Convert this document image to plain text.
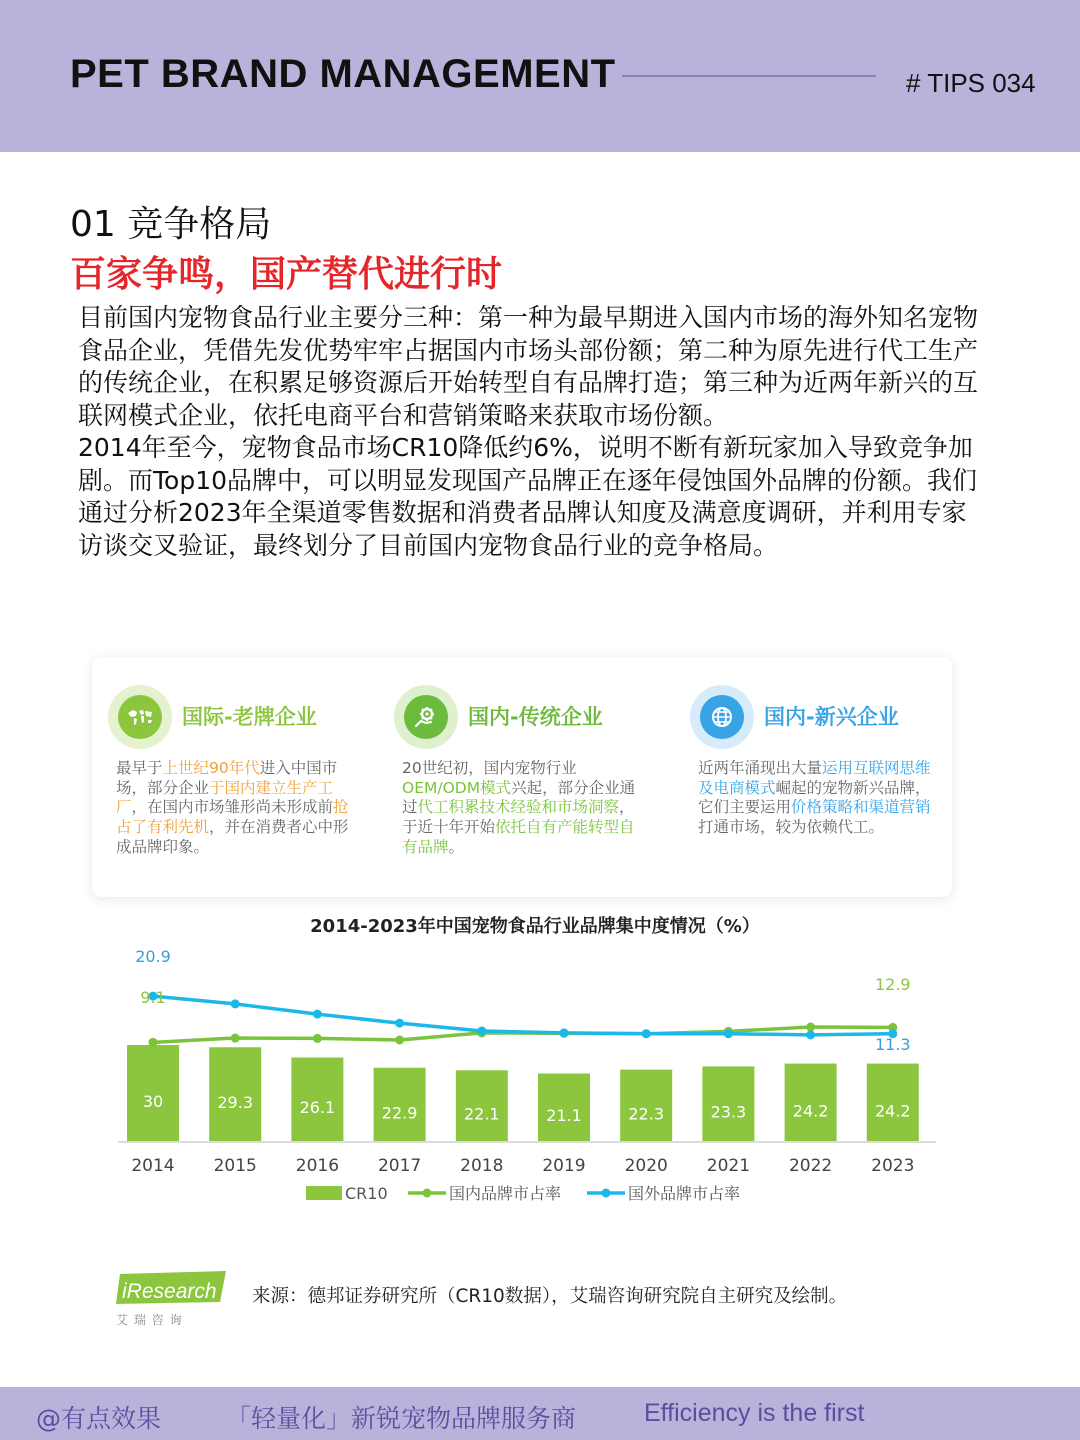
PET BRAND MANAGEMENT	# TIPS 034
01 竞争格局
百家争鸣，国产替代进行时

目前国内宠物食品行业主要分三种：第一种为最早期进入国内市场的海外知名宠物食品企业，凭借先发优势牢牢占据国内市场头部份额；第二种为原先进行代工生产的传统企业，在积累足够资源后开始转型自有品牌打造；第三种为近两年新兴的互联网模式企业，依托电商平台和营销策略来获取市场份额。

2014年至今，宠物食品市场CR10降低约6%，说明不断有新玩家加入导致竞争加剧。而Top10品牌中，可以明显发现国产品牌正在逐年侵蚀国外品牌的份额。我们通过分析2023年全渠道零售数据和消费者品牌认知度及满意度调研，并利用专家访谈交叉验证，最终划分了目前国内宠物食品行业的竞争格局。

国际-老牌企业
最早于上世纪90年代进入中国市场，部分企业于国内建立生产工厂，在国内市场雏形尚未形成前抢占了有利先机，并在消费者心中形成品牌印象。
国内-传统企业
20世纪初，国内宠物行业OEM/ODM模式兴起，部分企业通过代工积累技术经验和市场洞察，于近十年开始依托自有产能转型自有品牌。
国内-新兴企业
近两年涌现出大量运用互联网思维及电商模式崛起的宠物新兴品牌，它们主要运用价格策略和渠道营销打通市场，较为依赖代工。
2014-2023年中国宠物食品行业品牌集中度情况（%）
30	29.3	26.1	22.9	22.1	21.1	22.3	23.3	24.2	24.2
20.9
9.1
12.9
11.3
2014 2015 2016 2017 2018 2019 2020 2021 2022 2023
CR10	国内品牌市占率	国外品牌市占率
iResearch
艾 瑞 咨 询
来源：德邦证券研究所（CR10数据），艾瑞咨询研究院自主研究及绘制。
@有点效果	「轻量化」新锐宠物品牌服务商	Efficiency is the first
